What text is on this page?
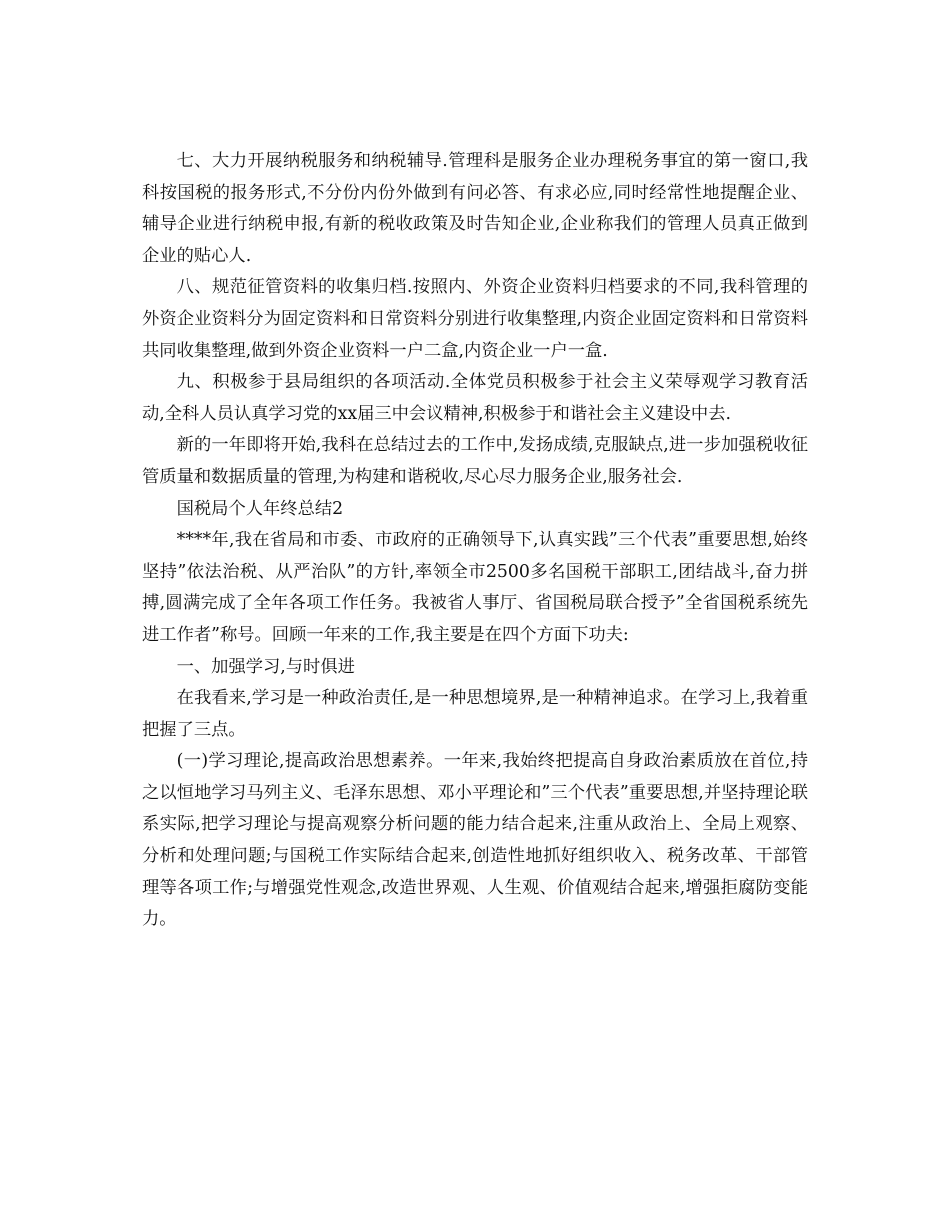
七、大力开展纳税服务和纳税辅导.管理科是服务企业办理税务事宜的第一窗口,我科按国税的报务形式,不分份内份外做到有问必答、有求必应,同时经常性地提醒企业、辅导企业进行纳税申报,有新的税收政策及时告知企业,企业称我们的管理人员真正做到企业的贴心人.

八、规范征管资料的收集归档.按照内、外资企业资料归档要求的不同,我科管理的外资企业资料分为固定资料和日常资料分别进行收集整理,内资企业固定资料和日常资料共同收集整理,做到外资企业资料一户二盒,内资企业一户一盒.

九、积极参于县局组织的各项活动.全体党员积极参于社会主义荣辱观学习教育活动,全科人员认真学习党的xx届三中会议精神,积极参于和谐社会主义建设中去.

新的一年即将开始,我科在总结过去的工作中,发扬成绩,克服缺点,进一步加强税收征管质量和数据质量的管理,为构建和谐税收,尽心尽力服务企业,服务社会.

国税局个人年终总结2

****年,我在省局和市委、市政府的正确领导下,认真实践”三个代表”重要思想,始终坚持”依法治税、从严治队”的方针,率领全市2500多名国税干部职工,团结战斗,奋力拼搏,圆满完成了全年各项工作任务。我被省人事厅、省国税局联合授予”全省国税系统先进工作者”称号。回顾一年来的工作,我主要是在四个方面下功夫:

一、加强学习,与时俱进

在我看来,学习是一种政治责任,是一种思想境界,是一种精神追求。在学习上,我着重把握了三点。

(一)学习理论,提高政治思想素养。一年来,我始终把提高自身政治素质放在首位,持之以恒地学习马列主义、毛泽东思想、邓小平理论和”三个代表”重要思想,并坚持理论联系实际,把学习理论与提高观察分析问题的能力结合起来,注重从政治上、全局上观察、分析和处理问题;与国税工作实际结合起来,创造性地抓好组织收入、税务改革、干部管理等各项工作;与增强党性观念,改造世界观、人生观、价值观结合起来,增强拒腐防变能力。
